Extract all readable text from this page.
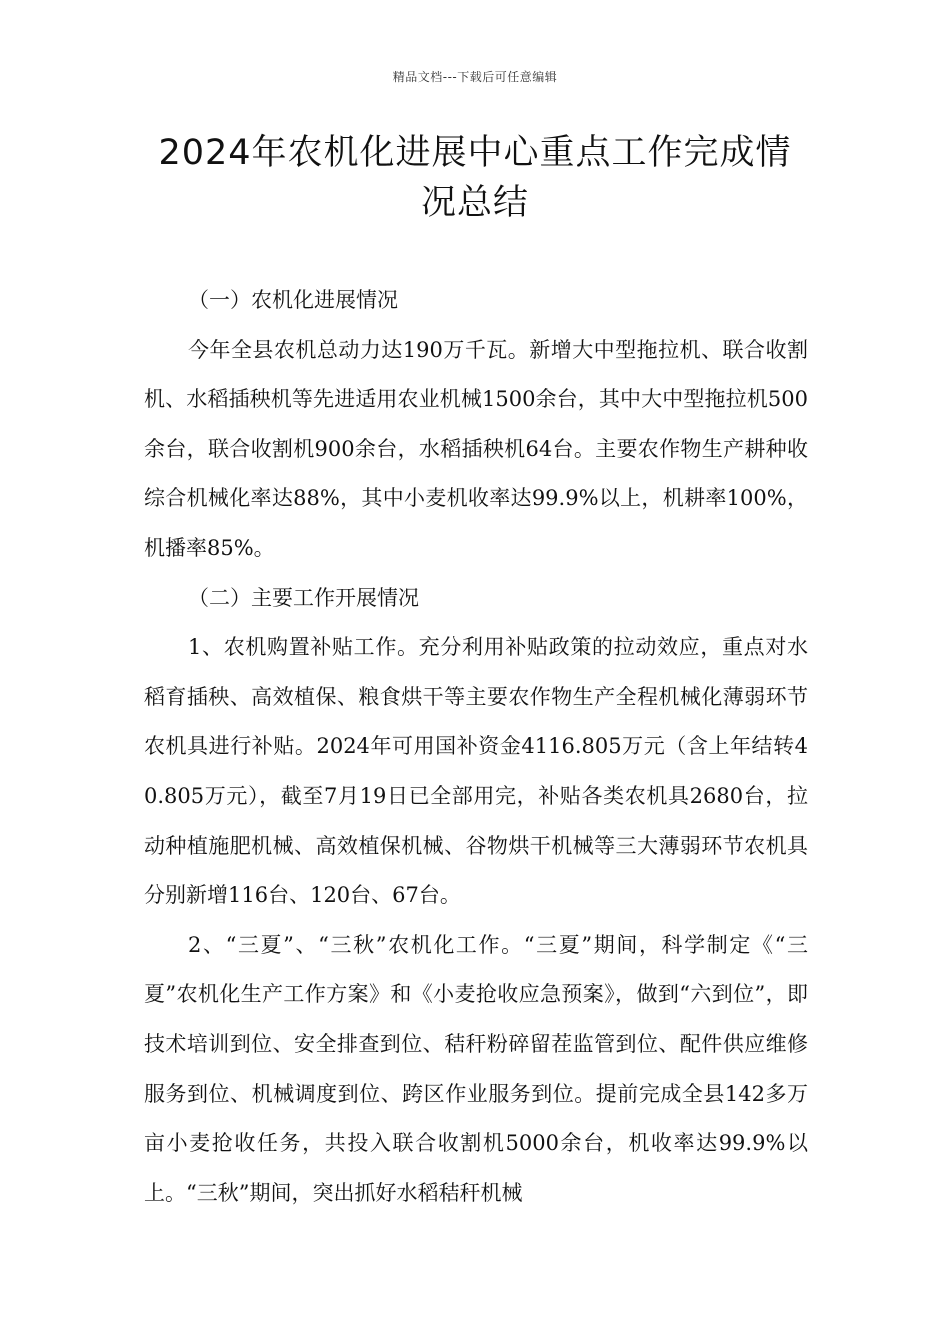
精品文档---下载后可任意编辑
2024年农机化进展中心重点工作完成情
况总结

（一）农机化进展情况

今年全县农机总动力达190万千瓦。新增大中型拖拉机、联合收割机、水稻插秧机等先进适用农业机械1500余台，其中大中型拖拉机500余台，联合收割机900余台，水稻插秧机64台。主要农作物生产耕种收综合机械化率达88%，其中小麦机收率达99.9%以上，机耕率100%，机播率85%。

（二）主要工作开展情况

1、农机购置补贴工作。充分利用补贴政策的拉动效应，重点对水稻育插秧、高效植保、粮食烘干等主要农作物生产全程机械化薄弱环节农机具进行补贴。2024年可用国补资金4116.805万元（含上年结转40.805万元），截至7月19日已全部用完，补贴各类农机具2680台，拉动种植施肥机械、高效植保机械、谷物烘干机械等三大薄弱环节农机具分别新增116台、120台、67台。

2、“三夏”、“三秋”农机化工作。“三夏”期间，科学制定《“三夏”农机化生产工作方案》和《小麦抢收应急预案》，做到“六到位”，即技术培训到位、安全排查到位、秸秆粉碎留茬监管到位、配件供应维修服务到位、机械调度到位、跨区作业服务到位。提前完成全县142多万亩小麦抢收任务，共投入联合收割机5000余台，机收率达99.9%以上。“三秋”期间，突出抓好水稻秸秆机械
